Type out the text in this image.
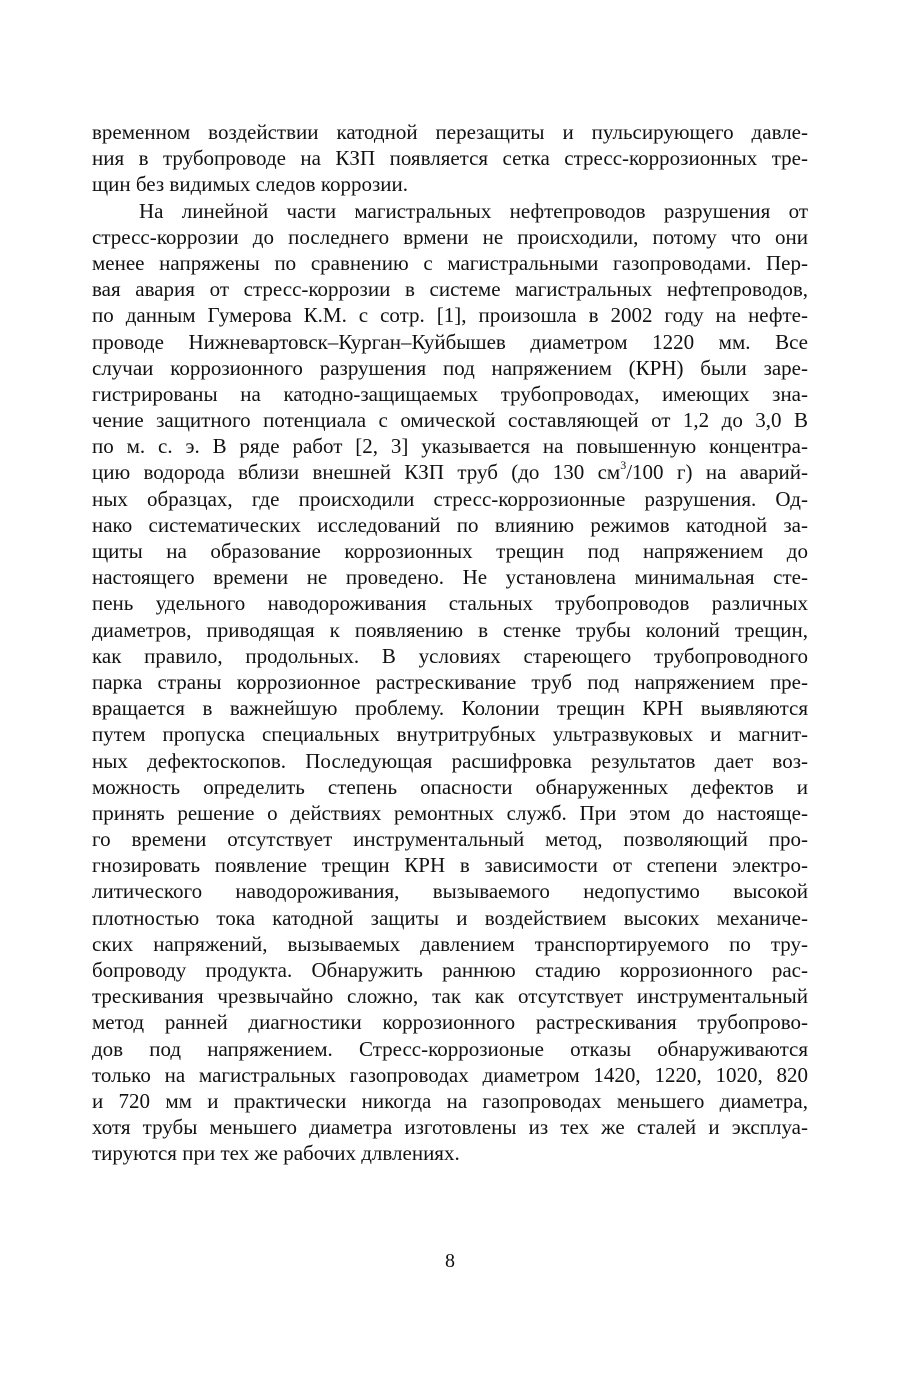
временном воздействии катодной перезащиты и пульсирующего давле-
ния в трубопроводе на КЗП появляется сетка стресс-коррозионных тре-
щин без видимых следов коррозии.
На линейной части магистральных нефтепроводов разрушения от
стресс-коррозии до последнего врмени не происходили, потому что они
менее напряжены по сравнению с магистральными газопроводами. Пер-
вая авария от стресс-коррозии в системе магистральных нефтепроводов,
по данным Гумерова К.М. с сотр. [1], произошла в 2002 году на нефте-
проводе Нижневартовск–Курган–Куйбышев диаметром 1220 мм. Все
случаи коррозионного разрушения под напряжением (КРН) были заре-
гистрированы на катодно-защищаемых трубопроводах, имеющих зна-
чение защитного потенциала с омической составляющей от 1,2 до 3,0 В
по м. с. э. В ряде работ [2, 3] указывается на повышенную концентра-
цию водорода вблизи внешней КЗП труб (до 130 $см^3/100$ г) на аварий-
ных образцах, где происходили стресс-коррозионные разрушения. Од-
нако систематических исследований по влиянию режимов катодной за-
щиты на образование коррозионных трещин под напряжением до
настоящего времени не проведено. Не установлена минимальная сте-
пень удельного наводороживания стальных трубопроводов различных
диаметров, приводящая к появляению в стенке трубы колоний трещин,
как правило, продольных. В условиях стареющего трубопроводного
парка страны коррозионное растрескивание труб под напряжением пре-
вращается в важнейшую проблему. Колонии трещин КРН выявляются
путем пропуска специальных внутритрубных ультразвуковых и магнит-
ных дефектоскопов. Последующая расшифровка результатов дает воз-
можность определить степень опасности обнаруженных дефектов и
принять решение о действиях ремонтных служб. При этом до настояще-
го времени отсутствует инструментальный метод, позволяющий про-
гнозировать появление трещин КРН в зависимости от степени электро-
литического наводороживания, вызываемого недопустимо высокой
плотностью тока катодной защиты и воздействием высоких механиче-
ских напряжений, вызываемых давлением транспортируемого по тру-
бопроводу продукта. Обнаружить раннюю стадию коррозионного рас-
трескивания чрезвычайно сложно, так как отсутствует инструментальный
метод ранней диагностики коррозионного растрескивания трубопрово-
дов под напряжением. Стресс-коррозионые отказы обнаруживаются
только на магистральных газопроводах диаметром 1420, 1220, 1020, 820
и 720 мм и практически никогда на газопроводах меньшего диаметра,
хотя трубы меньшего диаметра изготовлены из тех же сталей и эксплуа-
тируются при тех же рабочих длвлениях.
8
